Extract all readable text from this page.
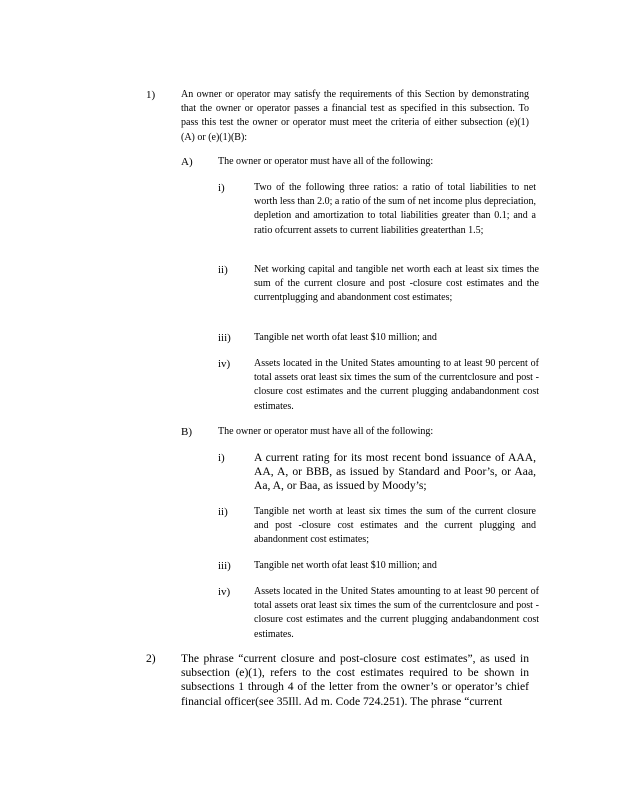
1)	An owner or operator may satisfy the requirements of this Section by demonstrating that the owner or operator passes a financial test as specified in this subsection. To pass this test the owner or operator must meet the criteria of either subsection (e)(1)(A) or (e)(1)(B):
A)	The owner or operator must have all of the following:
i)	Two of the following three ratios: a ratio of total liabilities to net worth less than 2.0; a ratio of the sum of net income plus depreciation, depletion and amortization to total liabilities greater than 0.1; and a ratio ofcurrent assets to current liabilities greaterthan 1.5;
ii)	Net working capital and tangible net worth each at least six times the sum of the current closure and post -closure cost estimates and the currentplugging and abandonment cost estimates;
iii) Tangible net worth ofat least $10 million; and
iv) Assets located in the United States amounting to at least 90 percent of total assets orat least six times the sum of the currentclosure and post -closure cost estimates and the current plugging andabandonment cost estimates.
B)	The owner or operator must have all of the following:
i)	A current rating for its most recent bond issuance of AAA, AA, A, or BBB, as issued by Standard and Poor’s, or Aaa, Aa, A, or Baa, as issued by Moody’s;
ii)	Tangible net worth at least six times the sum of the current closure and post -closure cost estimates and the current plugging and abandonment cost estimates;
iii) Tangible net worth ofat least $10 million; and
iv) Assets located in the United States amounting to at least 90 percent of total assets orat least six times the sum of the currentclosure and post -closure cost estimates and the current plugging andabandonment cost estimates.
2) The phrase “current closure and post-closure cost estimates”, as used in subsection (e)(1), refers to the cost estimates required to be shown in subsections 1 through 4 of the letter from the owner’s or operator’s chief financial officer(see 35Ill. Ad m. Code 724.251). The phrase “current
